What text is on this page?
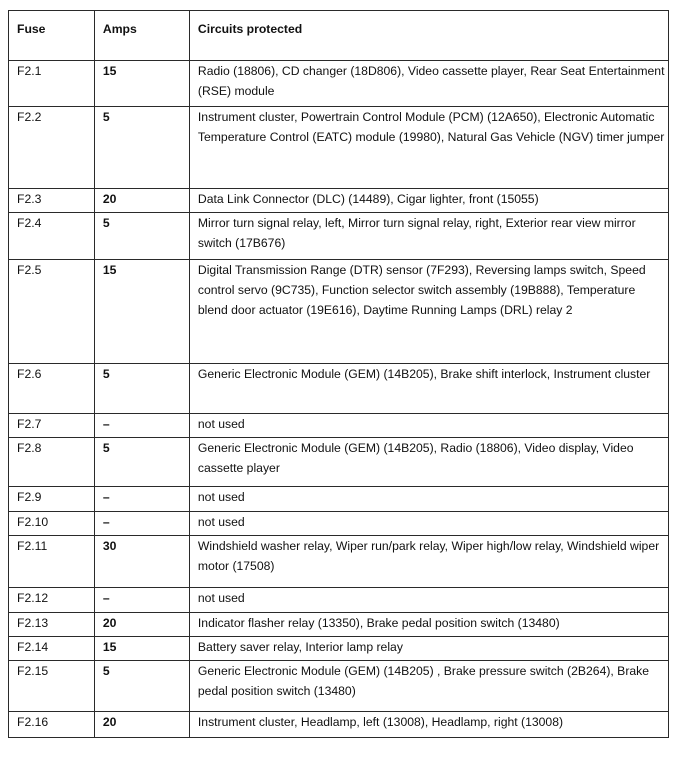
Fuse	Amps	Circuits protected
F2.1	15	Radio (18806), CD changer (18D806), Video cassette player, Rear Seat Entertainment (RSE) module
F2.2	5	Instrument cluster, Powertrain Control Module (PCM) (12A650), Electronic Automatic Temperature Control (EATC) module (19980), Natural Gas Vehicle (NGV) timer jumper
F2.3	20	Data Link Connector (DLC) (14489), Cigar lighter, front (15055)
F2.4	5	Mirror turn signal relay, left, Mirror turn signal relay, right, Exterior rear view mirror switch (17B676)
F2.5	15	Digital Transmission Range (DTR) sensor (7F293), Reversing lamps switch, Speed control servo (9C735), Function selector switch assembly (19B888), Temperature blend door actuator (19E616), Daytime Running Lamps (DRL) relay 2
F2.6	5	Generic Electronic Module (GEM) (14B205), Brake shift interlock, Instrument cluster
F2.7	–	not used
F2.8	5	Generic Electronic Module (GEM) (14B205), Radio (18806), Video display, Video cassette player
F2.9	–	not used
F2.10	–	not used
F2.11	30	Windshield washer relay, Wiper run/park relay, Wiper high/low relay, Windshield wiper motor (17508)
F2.12	–	not used
F2.13	20	Indicator flasher relay (13350), Brake pedal position switch (13480)
F2.14	15	Battery saver relay, Interior lamp relay
F2.15	5	Generic Electronic Module (GEM) (14B205) , Brake pressure switch (2B264), Brake pedal position switch (13480)
F2.16	20	Instrument cluster, Headlamp, left (13008), Headlamp, right (13008)
